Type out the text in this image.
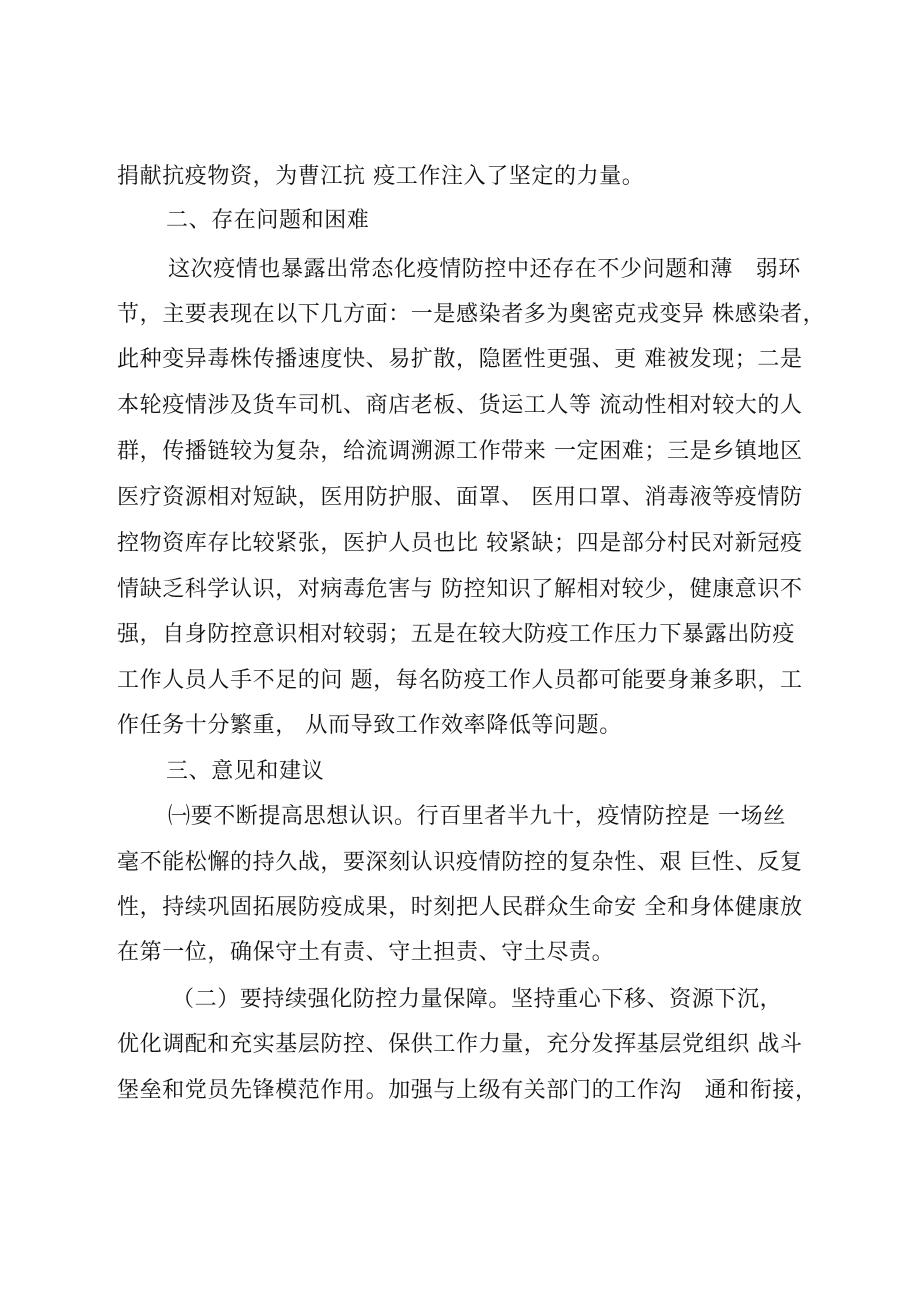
捐献抗疫物资，为曹江抗 疫工作注入了坚定的力量。
二、存在问题和困难
这次疫情也暴露出常态化疫情防控中还存在不少问题和薄　弱环
节，主要表现在以下几方面：一是感染者多为奥密克戎变异 株感染者，
此种变异毒株传播速度快、易扩散，隐匿性更强、更 难被发现；二是
本轮疫情涉及货车司机、商店老板、货运工人等 流动性相对较大的人
群，传播链较为复杂，给流调溯源工作带来 一定困难；三是乡镇地区
医疗资源相对短缺，医用防护服、面罩、 医用口罩、消毒液等疫情防
控物资库存比较紧张，医护人员也比 较紧缺；四是部分村民对新冠疫
情缺乏科学认识，对病毒危害与 防控知识了解相对较少，健康意识不
强，自身防控意识相对较弱；五是在较大防疫工作压力下暴露出防疫
工作人员人手不足的问 题，每名防疫工作人员都可能要身兼多职，工
作任务十分繁重， 从而导致工作效率降低等问题。
三、意见和建议
㈠要不断提高思想认识。行百里者半九十，疫情防控是 一场丝
毫不能松懈的持久战，要深刻认识疫情防控的复杂性、艰 巨性、反复
性，持续巩固拓展防疫成果，时刻把人民群众生命安 全和身体健康放
在第一位，确保守土有责、守土担责、守土尽责。
（二）要持续强化防控力量保障。坚持重心下移、资源下沉，
优化调配和充实基层防控、保供工作力量，充分发挥基层党组织 战斗
堡垒和党员先锋模范作用。加强与上级有关部门的工作沟　通和衔接，
